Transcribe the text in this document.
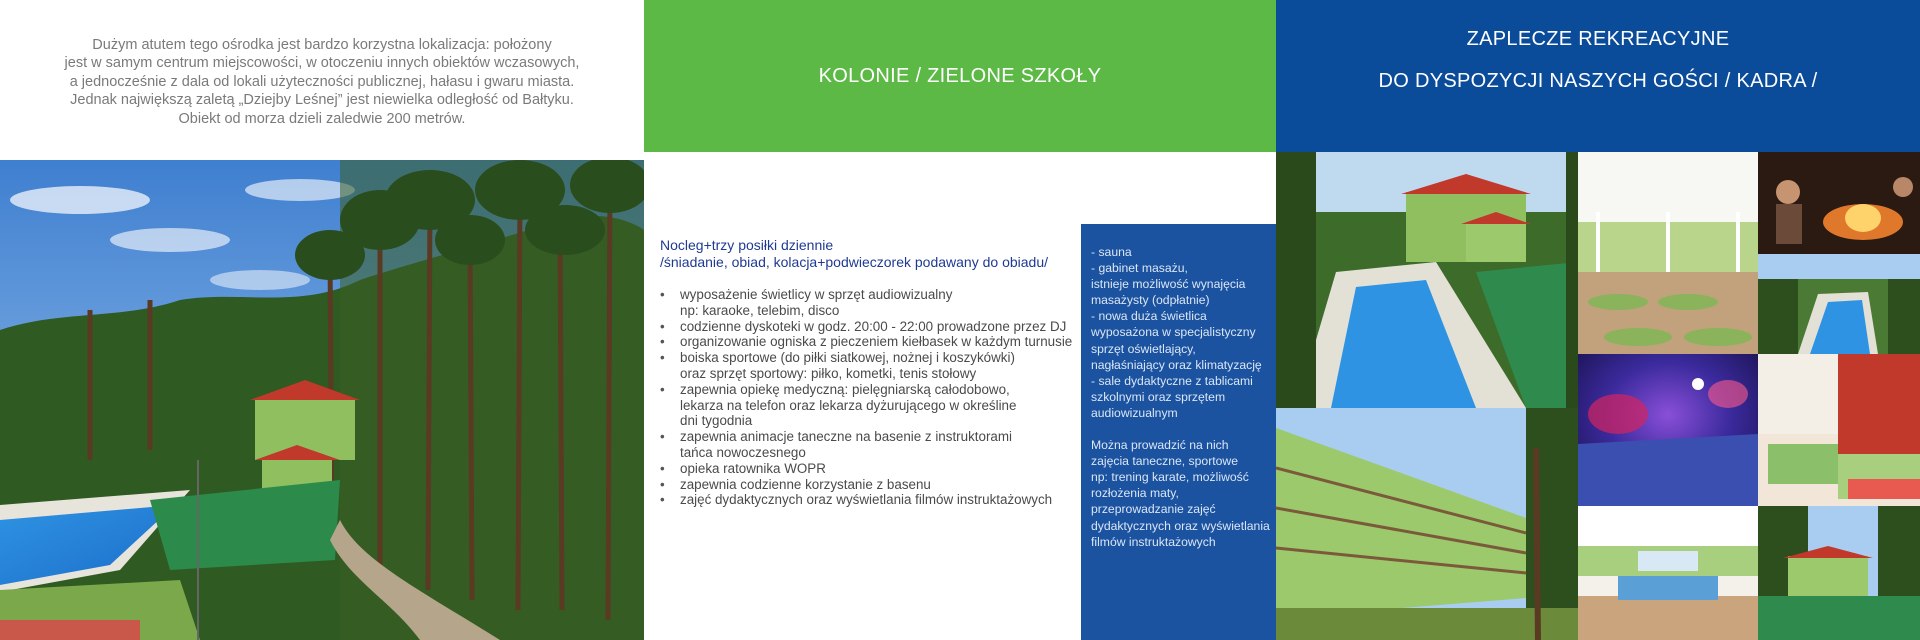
Dużym atutem tego ośrodka jest bardzo korzystna lokalizacja: położony
jest w samym centrum miejscowości, w otoczeniu innych obiektów wczasowych,
a jednocześnie z dala od lokali użyteczności publicznej, hałasu i gwaru miasta.
Jednak największą zaletą „Dziejby Leśnej” jest niewielka odległość od Bałtyku.
Obiekt od morza dzieli zaledwie 200 metrów.
KOLONIE / ZIELONE SZKOŁY
Nocleg+trzy posiłki dziennie
/śniadanie, obiad, kolacja+podwieczorek podawany do obiadu/
• wyposażenie świetlicy w sprzęt audiowizualny
np: karaoke, telebim, disco
• codzienne dyskoteki w godz. 20:00 - 22:00 prowadzone przez DJ
• organizowanie ogniska z pieczeniem kiełbasek w każdym turnusie
• boiska sportowe (do piłki siatkowej, nożnej i koszykówki)
oraz sprzęt sportowy: piłko, kometki, tenis stołowy
• zapewnia opiekę medyczną: pielęgniarską całodobowo,
lekarza na telefon oraz lekarza dyżurującego w określine
dni tygodnia
• zapewnia animacje taneczne na basenie z instruktorami
tańca nowoczesnego
• opieka ratownika WOPR
• zapewnia codzienne korzystanie z basenu
• zajęć dydaktycznych oraz wyświetlania filmów instruktażowych
- sauna
- gabinet masażu,
istnieje możliwość wynajęcia
masażysty (odpłatnie)
- nowa duża świetlica
wyposażona w specjalistyczny
sprzęt oświetlający,
nagłaśniający oraz klimatyzację
- sale dydaktyczne z tablicami
szkolnymi oraz sprzętem
audiowizualnym
Można prowadzić na nich
zajęcia taneczne, sportowe
np: trening karate, możliwość
rozłożenia maty,
przeprowadzanie zajęć
dydaktycznych oraz wyświetlania
filmów instruktażowych
ZAPLECZE REKREACYJNE
DO DYSPOZYCJI NASZYCH GOŚCI / KADRA /
